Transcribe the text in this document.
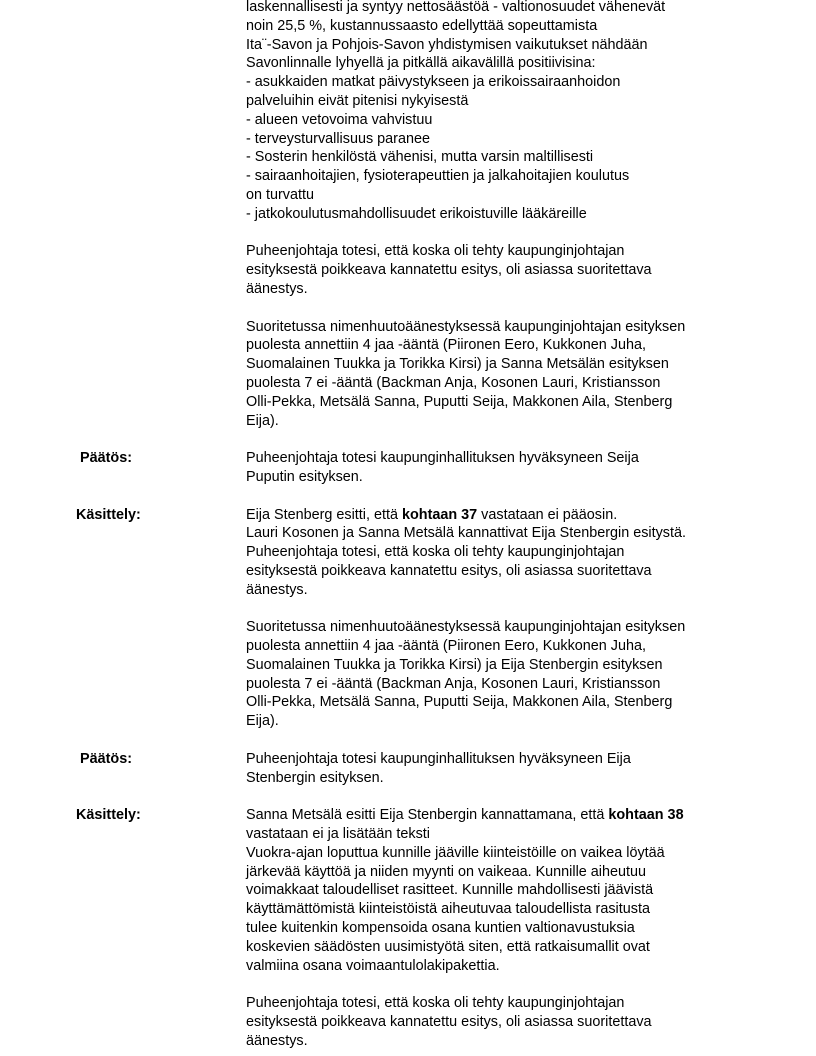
laskennallisesti ja syntyy nettosäästöä - valtionosuudet vähenevät
noin 25,5 %, kustannussaasto edellyttää sopeuttamista
Ita¨-Savon ja Pohjois-Savon yhdistymisen vaikutukset nähdään
Savonlinnalle lyhyellä ja pitkällä aikavälillä positiivisina:
- asukkaiden matkat päivystykseen ja erikoissairaanhoidon
palveluihin eivät pitenisi nykyisestä
- alueen vetovoima vahvistuu
- terveysturvallisuus paranee
- Sosterin henkilöstä vähenisi, mutta varsin maltillisesti
- sairaanhoitajien, fysioterapeuttien ja jalkahoitajien koulutus
on turvattu
- jatkokoulutusmahdollisuudet erikoistuville lääkäreille
Puheenjohtaja totesi, että koska oli tehty kaupunginjohtajan
esityksestä poikkeava kannatettu esitys, oli asiassa suoritettava
äänestys.
Suoritetussa nimenhuutoäänestyksessä kaupunginjohtajan esityksen
puolesta annettiin 4 jaa -ääntä (Piironen Eero, Kukkonen Juha,
Suomalainen Tuukka ja Torikka Kirsi) ja Sanna Metsälän esityksen
puolesta 7 ei -ääntä (Backman Anja, Kosonen Lauri, Kristiansson
Olli-Pekka, Metsälä Sanna, Puputti Seija, Makkonen Aila, Stenberg
Eija).
Päätös:	Puheenjohtaja totesi kaupunginhallituksen hyväksyneen Seija
Puputin esityksen.
Käsittely:	Eija Stenberg esitti, että kohtaan 37 vastataan ei pääosin.
Lauri Kosonen ja Sanna Metsälä kannattivat Eija Stenbergin esitystä.
Puheenjohtaja totesi, että koska oli tehty kaupunginjohtajan
esityksestä poikkeava kannatettu esitys, oli asiassa suoritettava
äänestys.
Suoritetussa nimenhuutoäänestyksessä kaupunginjohtajan esityksen
puolesta annettiin 4 jaa -ääntä (Piironen Eero, Kukkonen Juha,
Suomalainen Tuukka ja Torikka Kirsi) ja Eija Stenbergin esityksen
puolesta 7 ei -ääntä (Backman Anja, Kosonen Lauri, Kristiansson
Olli-Pekka, Metsälä Sanna, Puputti Seija, Makkonen Aila, Stenberg
Eija).
Päätös:	Puheenjohtaja totesi kaupunginhallituksen hyväksyneen Eija
Stenbergin esityksen.
Käsittely:	Sanna Metsälä esitti Eija Stenbergin kannattamana, että kohtaan 38
vastataan ei ja lisätään teksti
Vuokra-ajan loputtua kunnille jääville kiinteistöille on vaikea löytää
järkevää käyttöä ja niiden myynti on vaikeaa. Kunnille aiheutuu
voimakkaat taloudelliset rasitteet. Kunnille mahdollisesti jäävistä
käyttämättömistä kiinteistöistä aiheutuvaa taloudellista rasitusta
tulee kuitenkin kompensoida osana kuntien valtionavustuksia
koskevien säädösten uusimistyötä siten, että ratkaisumallit ovat
valmiina osana voimaantulolakipakettia.
Puheenjohtaja totesi, että koska oli tehty kaupunginjohtajan
esityksestä poikkeava kannatettu esitys, oli asiassa suoritettava
äänestys.
